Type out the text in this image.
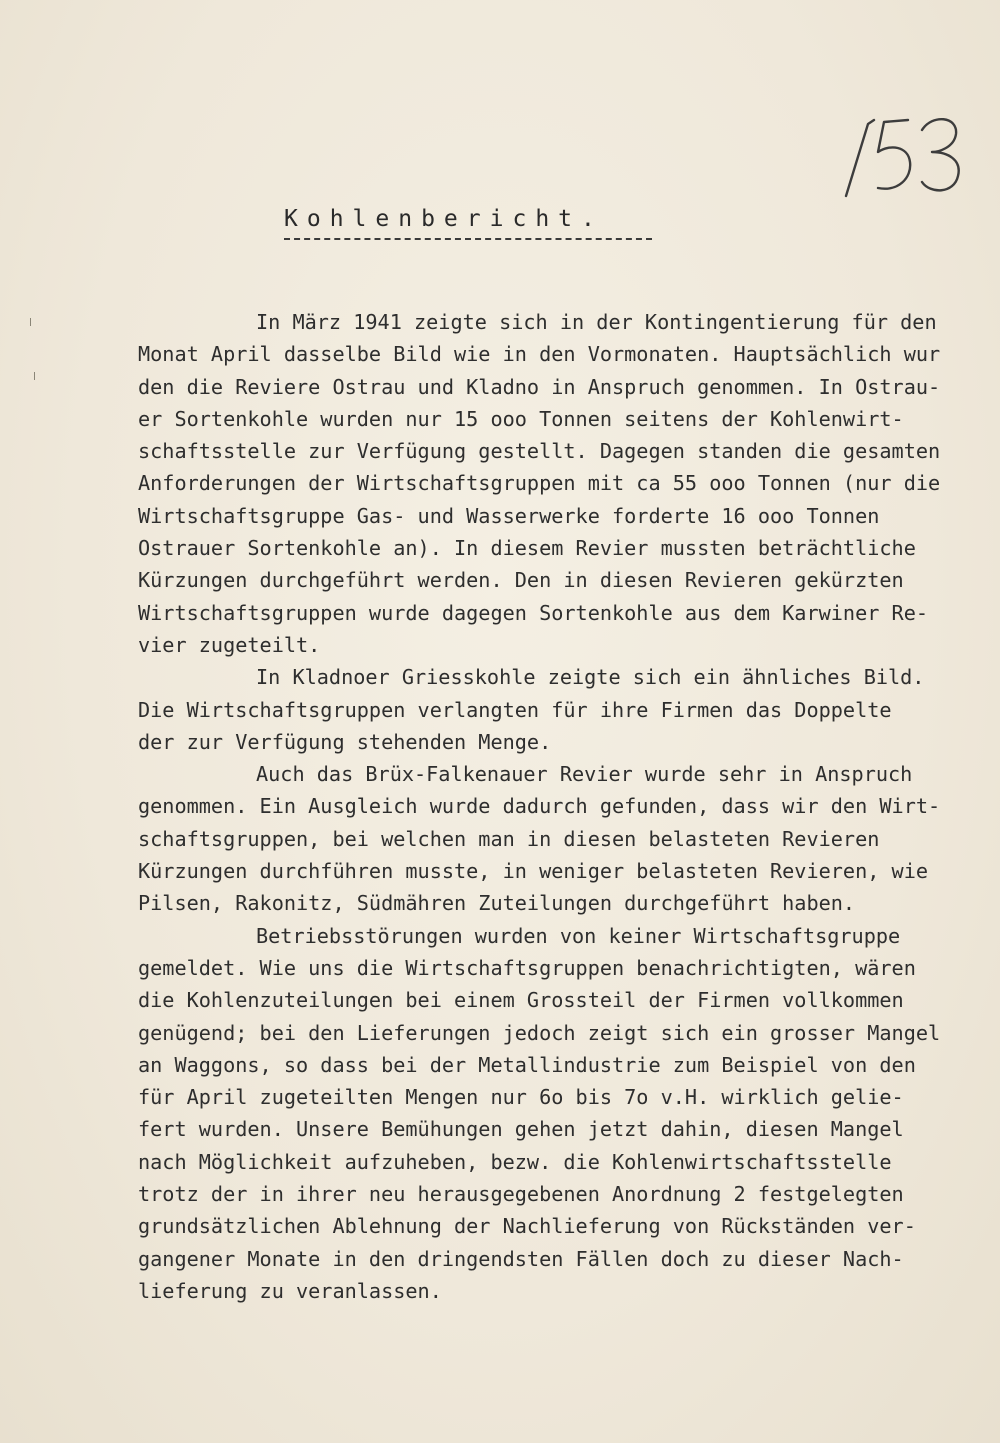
Kohlenbericht.
In März 1941 zeigte sich in der Kontingentierung für den
Monat April dasselbe Bild wie in den Vormonaten. Hauptsächlich wur
den die Reviere Ostrau und Kladno in Anspruch genommen. In Ostrau-
er Sortenkohle wurden nur 15 ooo Tonnen seitens der Kohlenwirt-
schaftsstelle zur Verfügung gestellt. Dagegen standen die gesamten
Anforderungen der Wirtschaftsgruppen mit ca 55 ooo Tonnen (nur die
Wirtschaftsgruppe Gas- und Wasserwerke forderte 16 ooo Tonnen
Ostrauer Sortenkohle an). In diesem Revier mussten beträchtliche
Kürzungen durchgeführt werden. Den in diesen Revieren gekürzten
Wirtschaftsgruppen wurde dagegen Sortenkohle aus dem Karwiner Re-
vier zugeteilt.
In Kladnoer Griesskohle zeigte sich ein ähnliches Bild.
Die Wirtschaftsgruppen verlangten für ihre Firmen das Doppelte
der zur Verfügung stehenden Menge.
Auch das Brüx-Falkenauer Revier wurde sehr in Anspruch
genommen. Ein Ausgleich wurde dadurch gefunden, dass wir den Wirt-
schaftsgruppen, bei welchen man in diesen belasteten Revieren
Kürzungen durchführen musste, in weniger belasteten Revieren, wie
Pilsen, Rakonitz, Südmähren Zuteilungen durchgeführt haben.
Betriebsstörungen wurden von keiner Wirtschaftsgruppe
gemeldet. Wie uns die Wirtschaftsgruppen benachrichtigten, wären
die Kohlenzuteilungen bei einem Grossteil der Firmen vollkommen
genügend; bei den Lieferungen jedoch zeigt sich ein grosser Mangel
an Waggons, so dass bei der Metallindustrie zum Beispiel von den
für April zugeteilten Mengen nur 6o bis 7o v.H. wirklich gelie-
fert wurden. Unsere Bemühungen gehen jetzt dahin, diesen Mangel
nach Möglichkeit aufzuheben, bezw. die Kohlenwirtschaftsstelle
trotz der in ihrer neu herausgegebenen Anordnung 2 festgelegten
grundsätzlichen Ablehnung der Nachlieferung von Rückständen ver-
gangener Monate in den dringendsten Fällen doch zu dieser Nach-
lieferung zu veranlassen.
